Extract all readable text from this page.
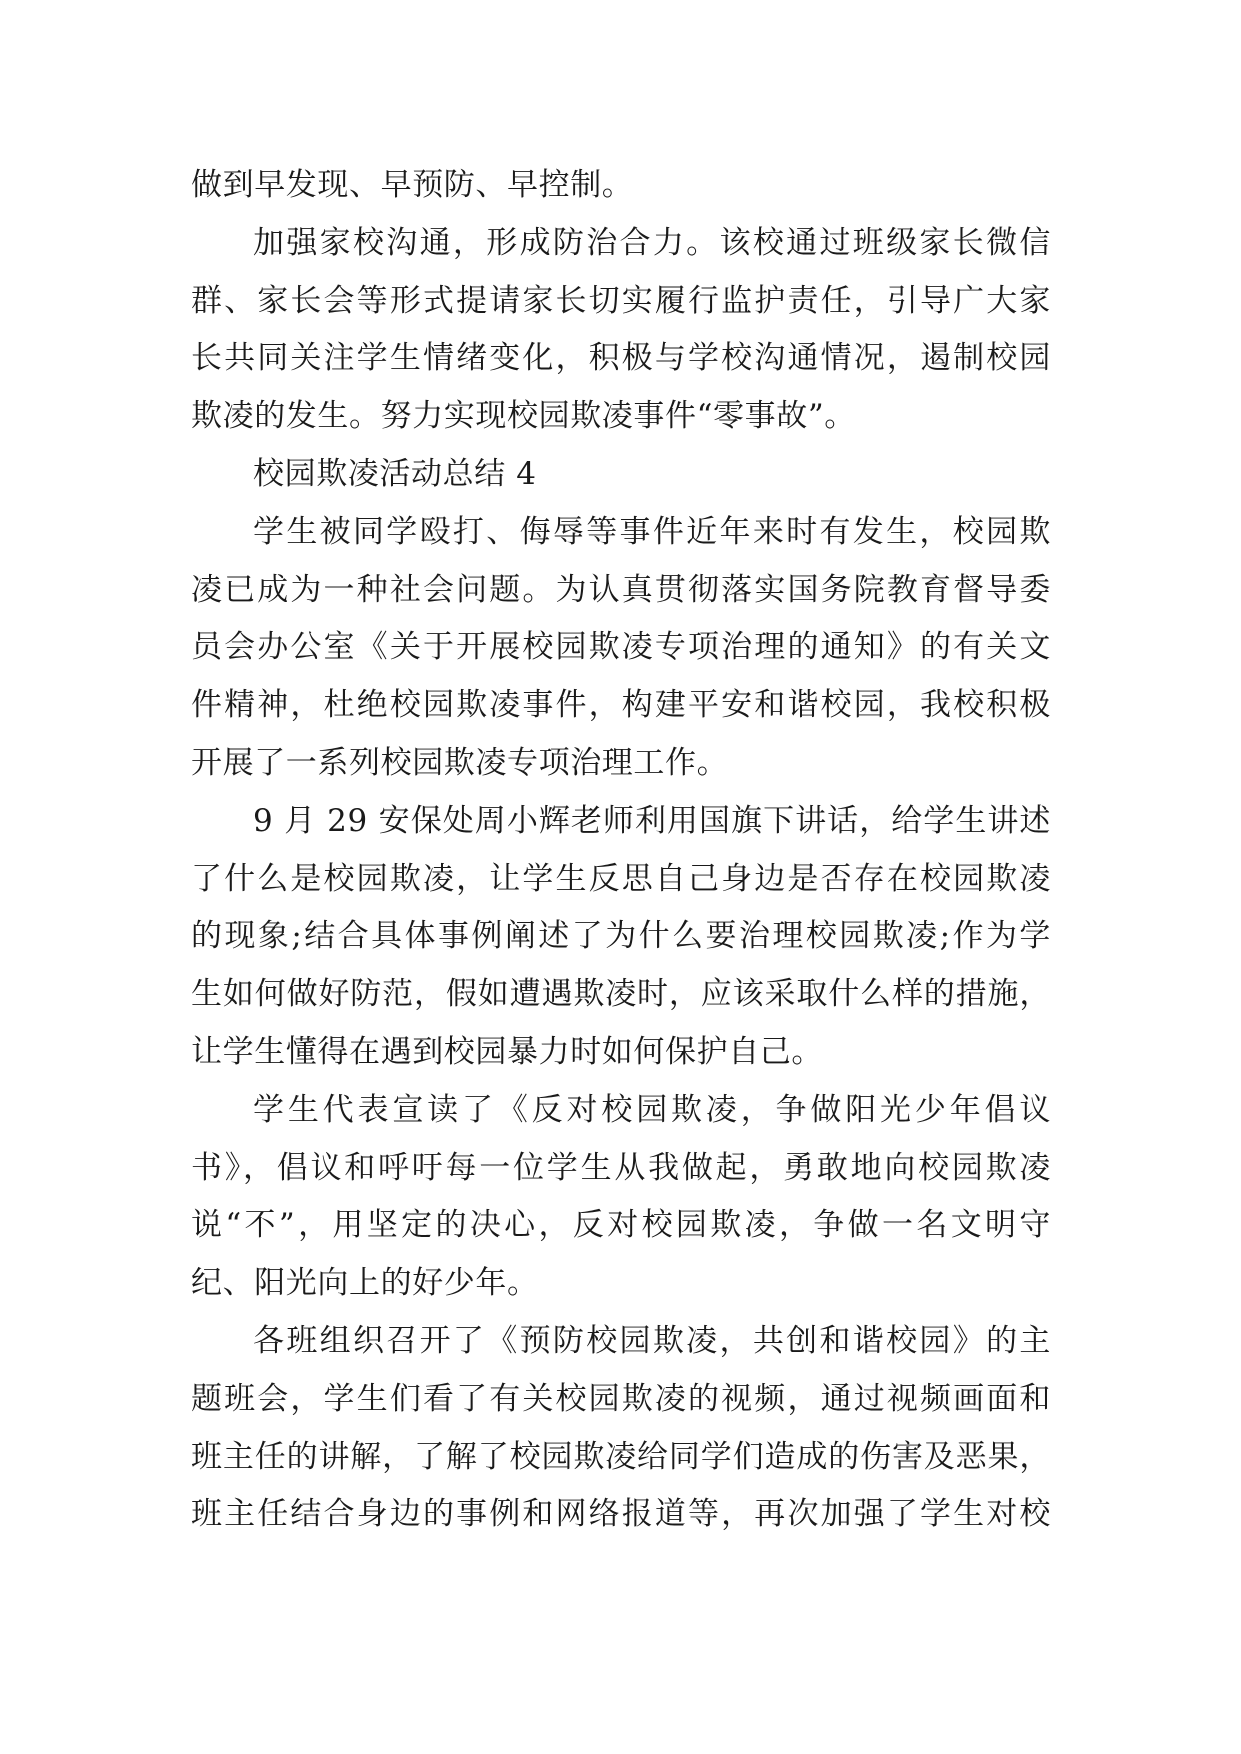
做到早发现、早预防、早控制。
加强家校沟通，形成防治合力。该校通过班级家长微信
群、家长会等形式提请家长切实履行监护责任，引导广大家
长共同关注学生情绪变化，积极与学校沟通情况，遏制校园
欺凌的发生。努力实现校园欺凌事件“零事故”。
校园欺凌活动总结 4
学生被同学殴打、侮辱等事件近年来时有发生，校园欺
凌已成为一种社会问题。为认真贯彻落实国务院教育督导委
员会办公室《关于开展校园欺凌专项治理的通知》的有关文
件精神，杜绝校园欺凌事件，构建平安和谐校园，我校积极
开展了一系列校园欺凌专项治理工作。
9 月 29 安保处周小辉老师利用国旗下讲话，给学生讲述
了什么是校园欺凌，让学生反思自己身边是否存在校园欺凌
的现象;结合具体事例阐述了为什么要治理校园欺凌;作为学
生如何做好防范，假如遭遇欺凌时，应该采取什么样的措施，
让学生懂得在遇到校园暴力时如何保护自己。
学生代表宣读了《反对校园欺凌，争做阳光少年倡议
书》，倡议和呼吁每一位学生从我做起，勇敢地向校园欺凌
说“不”，用坚定的决心，反对校园欺凌，争做一名文明守
纪、阳光向上的好少年。
各班组织召开了《预防校园欺凌，共创和谐校园》的主
题班会，学生们看了有关校园欺凌的视频，通过视频画面和
班主任的讲解，了解了校园欺凌给同学们造成的伤害及恶果，
班主任结合身边的事例和网络报道等，再次加强了学生对校
